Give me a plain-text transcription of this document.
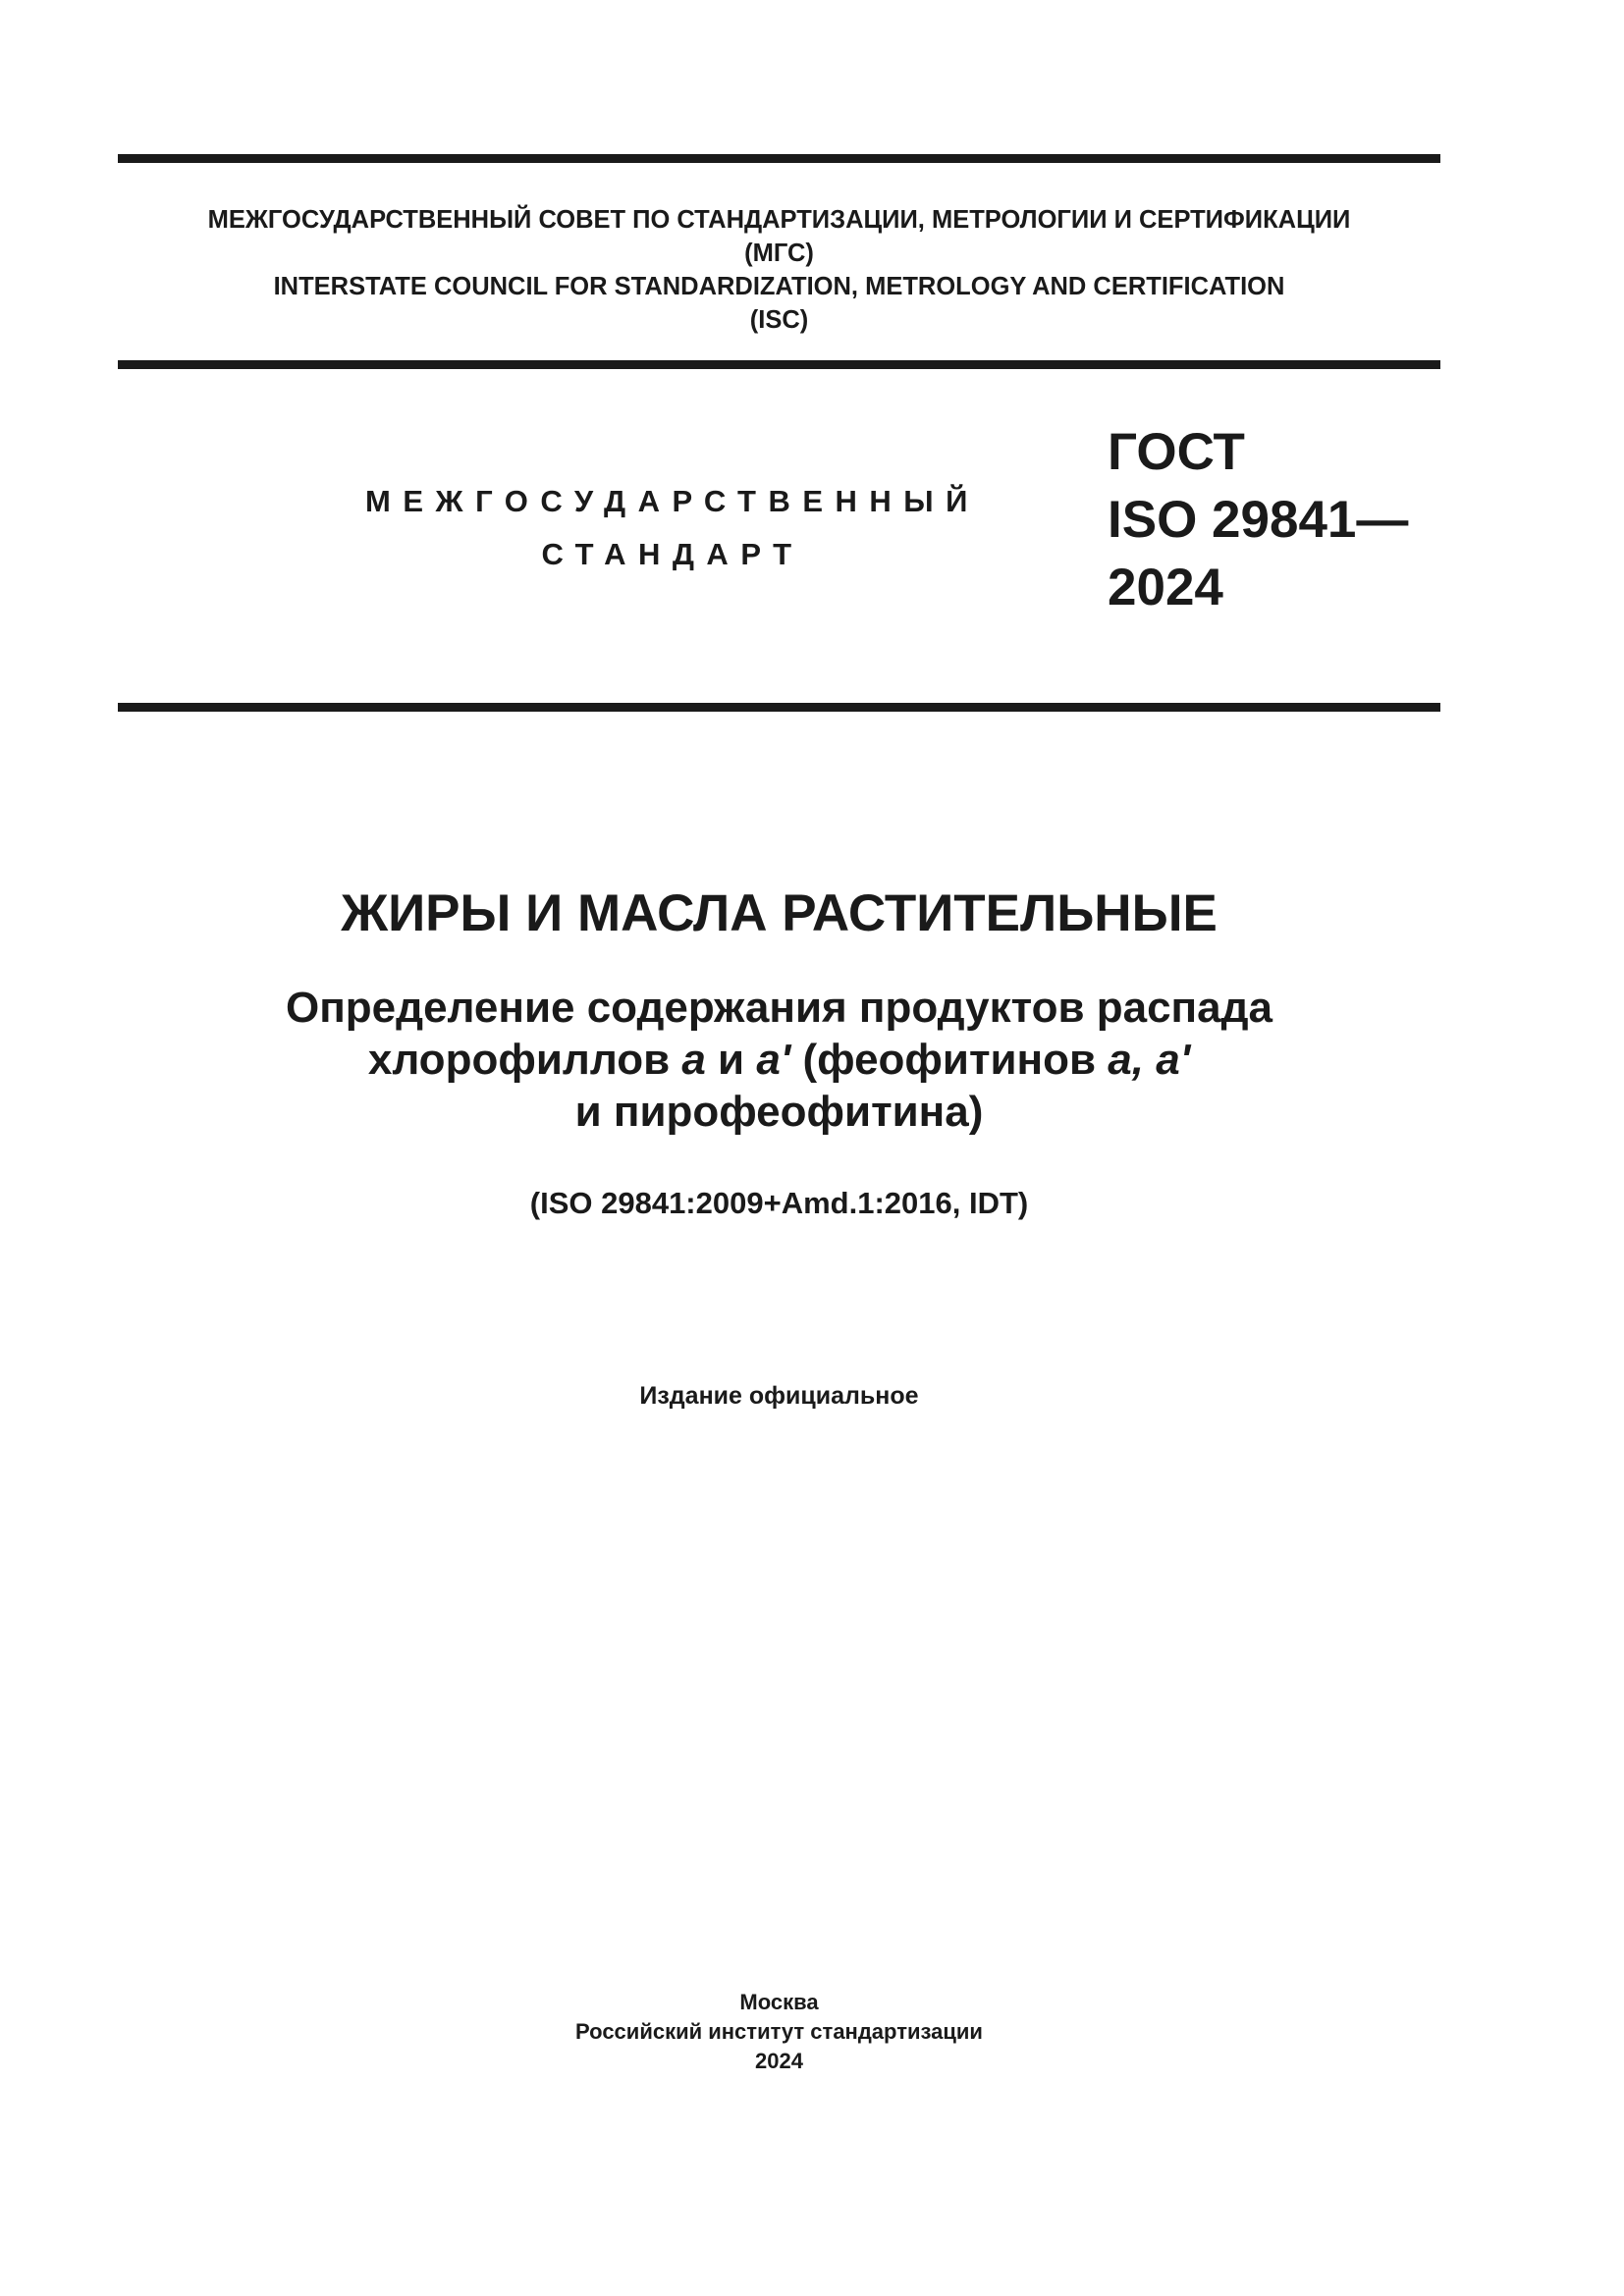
МЕЖГОСУДАРСТВЕННЫЙ СОВЕТ ПО СТАНДАРТИЗАЦИИ, МЕТРОЛОГИИ И СЕРТИФИКАЦИИ
(МГС)
INTERSTATE COUNCIL FOR STANDARDIZATION, METROLOGY AND CERTIFICATION
(ISC)
МЕЖГОСУДАРСТВЕННЫЙ
СТАНДАРТ
ГОСТ
ISO 29841—
2024
ЖИРЫ И МАСЛА РАСТИТЕЛЬНЫЕ
Определение содержания продуктов распада
хлорофиллов а и а' (феофитинов а, а'
и пирофеофитина)
(ISO 29841:2009+Amd.1:2016, IDT)
Издание официальное
Москва
Российский институт стандартизации
2024
